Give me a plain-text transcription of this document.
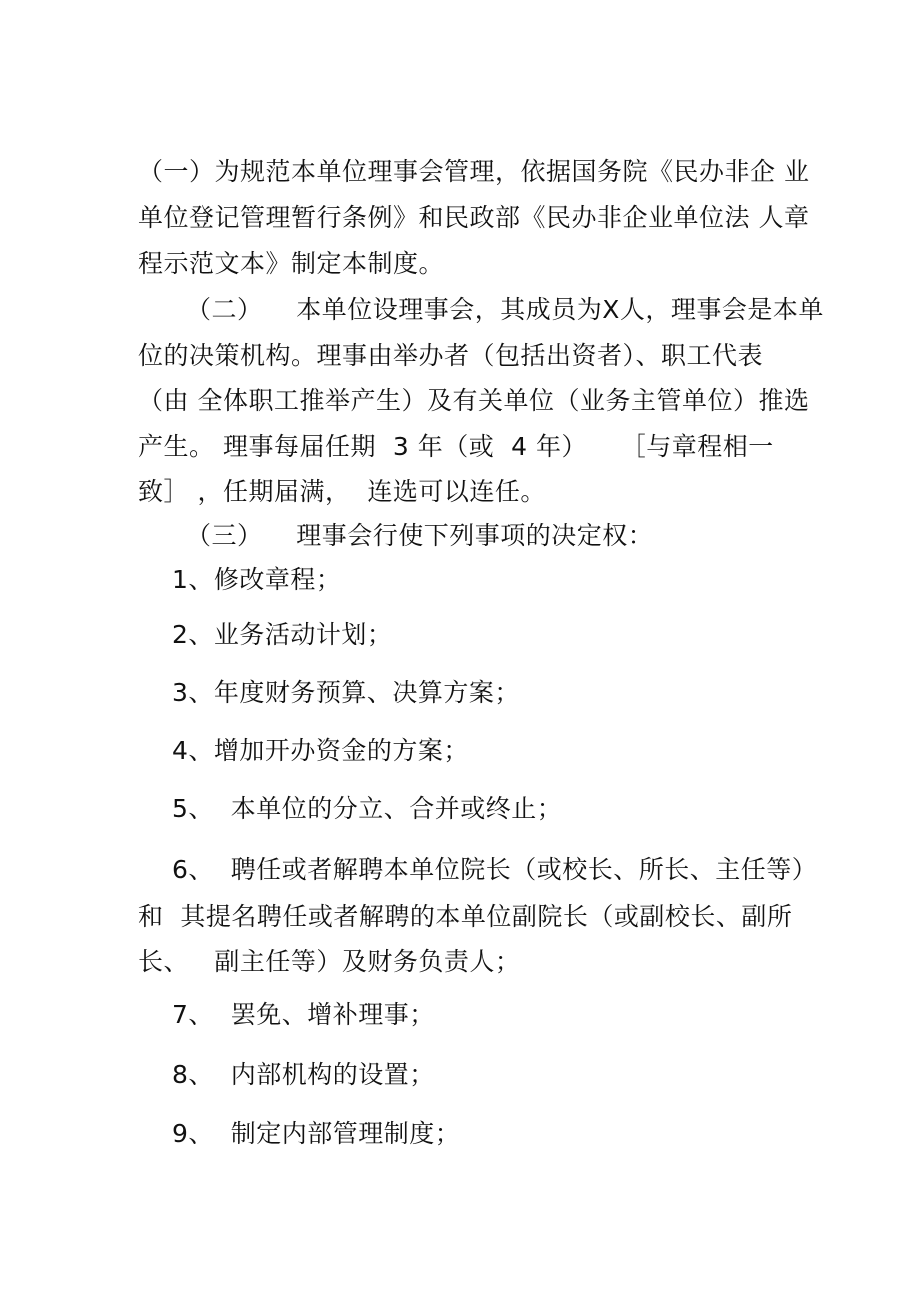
（一）为规范本单位理事会管理，依据国务院《民办非企 业
单位登记管理暂行条例》和民政部《民办非企业单位法 人章
程示范文本》制定本制度。
（二）    本单位设理事会，其成员为X人，理事会是本单
位的决策机构。理事由举办者（包括出资者）、职工代表
（由 全体职工推举产生）及有关单位（业务主管单位）推选
产生。 理事每届任期  3 年（或  4 年）    ［与章程相一
致］ ，任期届满，  连选可以连任。
（三）    理事会行使下列事项的决定权：
1、修改章程；
2、业务活动计划；
3、年度财务预算、决算方案；
4、增加开办资金的方案；
5、  本单位的分立、合并或终止；
6、  聘任或者解聘本单位院长（或校长、所长、主任等）
和  其提名聘任或者解聘的本单位副院长（或副校长、副所
长、   副主任等）及财务负责人；
7、  罢免、增补理事；
8、  内部机构的设置；
9、  制定内部管理制度；
